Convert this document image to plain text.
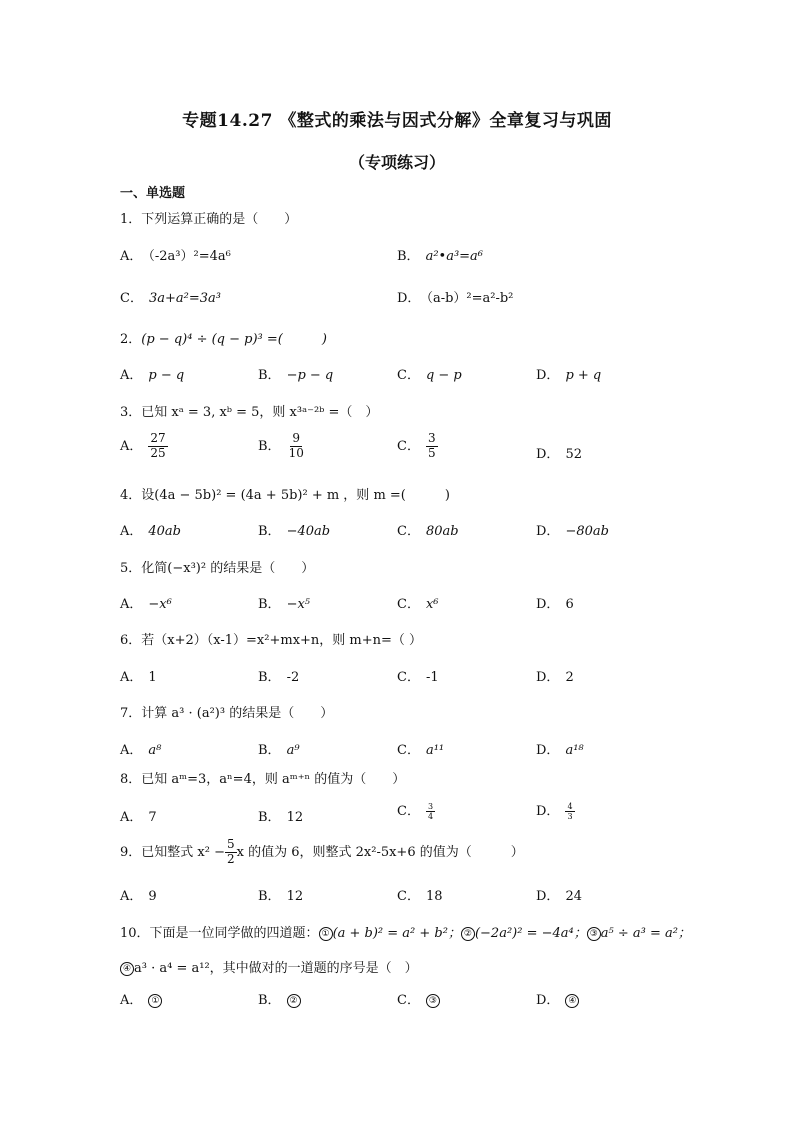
专题14.27 《整式的乘法与因式分解》全章复习与巩固
（专项练习）
一、单选题
1．下列运算正确的是（　　）
A． （-2a³）²=4a⁶	B． a²•a³=a⁶
C． 3a+a²=3a³	D． （a-b）²=a²-b²
2．(p − q)⁴ ÷ (q − p)³ =(　　　)
A． p − q	B． −p − q	C． q − p	D． p + q
3．已知 xᵃ = 3, xᵇ = 5，则 x³ᵃ⁻²ᵇ =（　）
A． $\frac{27}{25}$	B． $\frac{9}{10}$	C． $\frac{3}{5}$	D． 52
4．设(4a − 5b)² = (4a + 5b)² + m ，则 m =(　　　)
A． 40ab	B． −40ab	C． 80ab	D． −80ab
5．化简(−x³)² 的结果是（　　）
A． −x⁶	B． −x⁵	C． x⁶	D． 6
6．若（x+2）（x-1）=x²+mx+n，则 m+n=（ ）
A． 1	B． -2	C． -1	D． 2
7．计算 a³ · (a²)³ 的结果是（　　）
A． a⁸	B． a⁹	C． a¹¹	D． a¹⁸
8．已知 aᵐ=3，aⁿ=4，则 aᵐ⁺ⁿ 的值为（　　）
A． 7	B． 12	C． $\frac{3}{4}$	D． $\frac{4}{3}$
9．已知整式 $x^2 - \frac{5}{2}$ x 的值为 6，则整式 2x²-5x+6 的值为（　　　）
A． 9	B． 12	C． 18	D． 24
10．下面是一位同学做的四道题： ① (a + b)² = a² + b²； ② (−2a²)² = −4a⁴； ③ a⁵ ÷ a³ = a²；
④ a³ · a⁴ = a¹²，其中做对的一道题的序号是（　）
A． ①	B． ②	C． ③	D． ④
